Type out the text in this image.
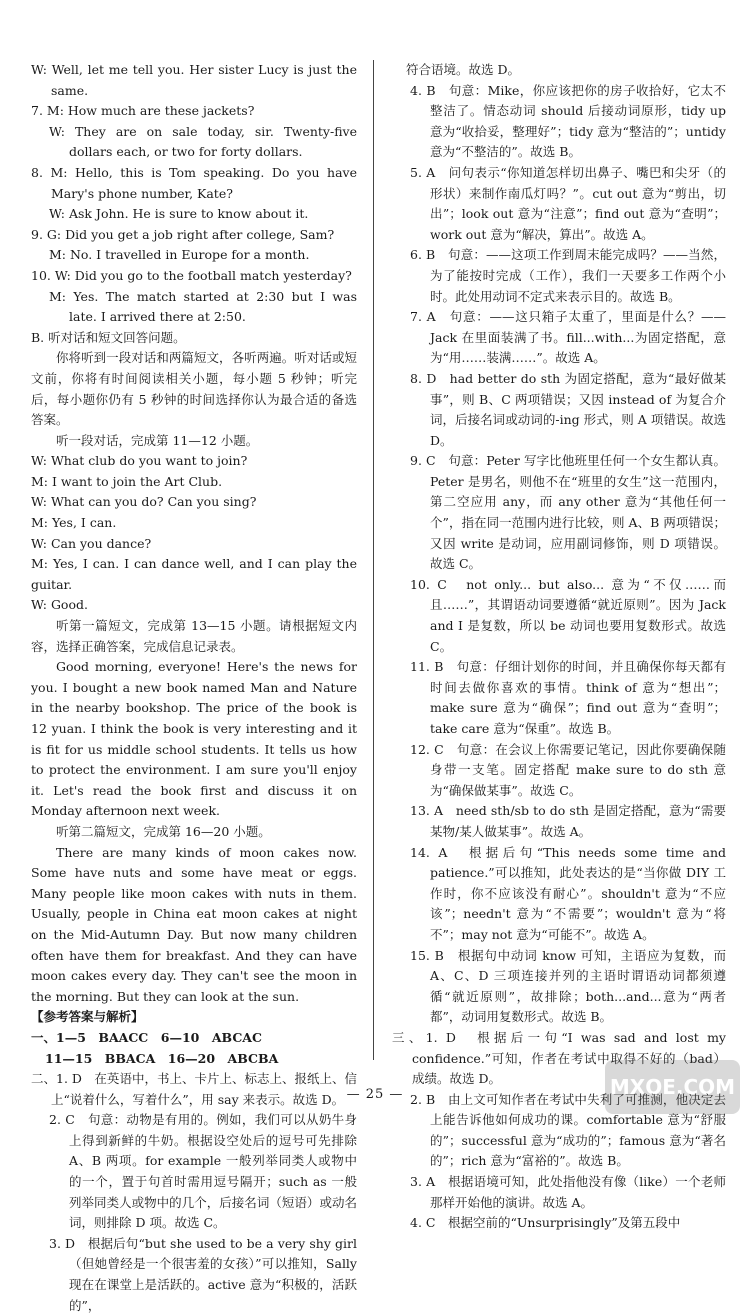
W: Well, let me tell you. Her sister Lucy is just the same.

7. M: How much are these jackets?

W: They are on sale today, sir. Twenty-five dollars each, or two for forty dollars.

8. M: Hello, this is Tom speaking. Do you have Mary's phone number, Kate?

W: Ask John. He is sure to know about it.

9. G: Did you get a job right after college, Sam?

M: No. I travelled in Europe for a month.

10. W: Did you go to the football match yesterday?

M: Yes. The match started at 2:30 but I was late. I arrived there at 2:50.

B. 听对话和短文回答问题。

你将听到一段对话和两篇短文，各听两遍。听对话或短文前，你将有时间阅读相关小题，每小题 5 秒钟；听完后，每小题你仍有 5 秒钟的时间选择你认为最合适的备选答案。

听一段对话，完成第 11—12 小题。

W: What club do you want to join?

M: I want to join the Art Club.

W: What can you do? Can you sing?

M: Yes, I can.

W: Can you dance?

M: Yes, I can. I can dance well, and I can play the guitar.

W: Good.

听第一篇短文，完成第 13—15 小题。请根据短文内容，选择正确答案，完成信息记录表。

Good morning, everyone! Here's the news for you. I bought a new book named Man and Nature in the nearby bookshop. The price of the book is 12 yuan. I think the book is very interesting and it is fit for us middle school students. It tells us how to protect the environment. I am sure you'll enjoy it. Let's read the book first and discuss it on Monday afternoon next week.

听第二篇短文，完成第 16—20 小题。

There are many kinds of moon cakes now. Some have nuts and some have meat or eggs. Many people like moon cakes with nuts in them. Usually, people in China eat moon cakes at night on the Mid-Autumn Day. But now many children often have them for breakfast. And they can have moon cakes every day. They can't see the moon in the morning. But they can look at the sun.

【参考答案与解析】

一、1—5　BAACC　6—10　ABCAC

11—15　BBACA　16—20　ABCBA

二、1. D　在英语中，书上、卡片上、标志上、报纸上、信上“说着什么，写着什么”，用 say 来表示。故选 D。

2. C　句意：动物是有用的。例如，我们可以从奶牛身上得到新鲜的牛奶。根据设空处后的逗号可先排除 A、B 两项。for example 一般列举同类人或物中的一个，置于句首时需用逗号隔开；such as 一般列举同类人或物中的几个，后接名词（短语）或动名词，则排除 D 项。故选 C。

3. D　根据后句“but she used to be a very shy girl（但她曾经是一个很害羞的女孩）”可以推知，Sally 现在在课堂上是活跃的。active 意为“积极的，活跃的”，

符合语境。故选 D。

4. B　句意：Mike，你应该把你的房子收拾好，它太不整洁了。情态动词 should 后接动词原形，tidy up 意为“收拾妥，整理好”；tidy 意为“整洁的”；untidy 意为“不整洁的”。故选 B。

5. A　问句表示“你知道怎样切出鼻子、嘴巴和尖牙（的形状）来制作南瓜灯吗？”。cut out 意为“剪出，切出”；look out 意为“注意”；find out 意为“查明”；work out 意为“解决，算出”。故选 A。

6. B　句意：——这项工作到周末能完成吗？——当然，为了能按时完成（工作），我们一天要多工作两个小时。此处用动词不定式来表示目的。故选 B。

7. A　句意：——这只箱子太重了，里面是什么？——Jack 在里面装满了书。fill...with...为固定搭配，意为“用……装满……”。故选 A。

8. D　had better do sth 为固定搭配，意为“最好做某事”，则 B、C 两项错误；又因 instead of 为复合介词，后接名词或动词的-ing 形式，则 A 项错误。故选 D。

9. C　句意：Peter 写字比他班里任何一个女生都认真。Peter 是男名，则他不在“班里的女生”这一范围内，第二空应用 any，而 any other 意为“其他任何一个”，指在同一范围内进行比较，则 A、B 两项错误；又因 write 是动词，应用副词修饰，则 D 项错误。故选 C。

10. C　not only... but also... 意为“不仅……而且……”，其谓语动词要遵循“就近原则”。因为 Jack and I 是复数，所以 be 动词也要用复数形式。故选 C。

11. B　句意：仔细计划你的时间，并且确保你每天都有时间去做你喜欢的事情。think of 意为“想出”；make sure 意为“确保”；find out 意为“查明”；take care 意为“保重”。故选 B。

12. C　句意：在会议上你需要记笔记，因此你要确保随身带一支笔。固定搭配 make sure to do sth 意为“确保做某事”。故选 C。

13. A　need sth/sb to do sth 是固定搭配，意为“需要某物/某人做某事”。故选 A。

14. A　根据后句“This needs some time and patience.”可以推知，此处表达的是“当你做 DIY 工作时，你不应该没有耐心”。shouldn't 意为“不应该”；needn't 意为“不需要”；wouldn't 意为“将不”；may not 意为“可能不”。故选 A。

15. B　根据句中动词 know 可知，主语应为复数，而 A、C、D 三项连接并列的主语时谓语动词都须遵循“就近原则”，故排除；both...and...意为“两者都”，动词用复数形式。故选 B。

三、1. D　根据后一句“I was sad and lost my confidence.”可知，作者在考试中取得不好的（bad）成绩。故选 D。

2. B　由上文可知作者在考试中失利了可推测，他决定去上能告诉他如何成功的课。comfortable 意为“舒服的”；successful 意为“成功的”；famous 意为“著名的”；rich 意为“富裕的”。故选 B。

3. A　根据语境可知，此处指他没有像（like）一个老师那样开始他的演讲。故选 A。

4. C　根据空前的“Unsurprisingly”及第五段中

— 25 —	MXQE.COM
